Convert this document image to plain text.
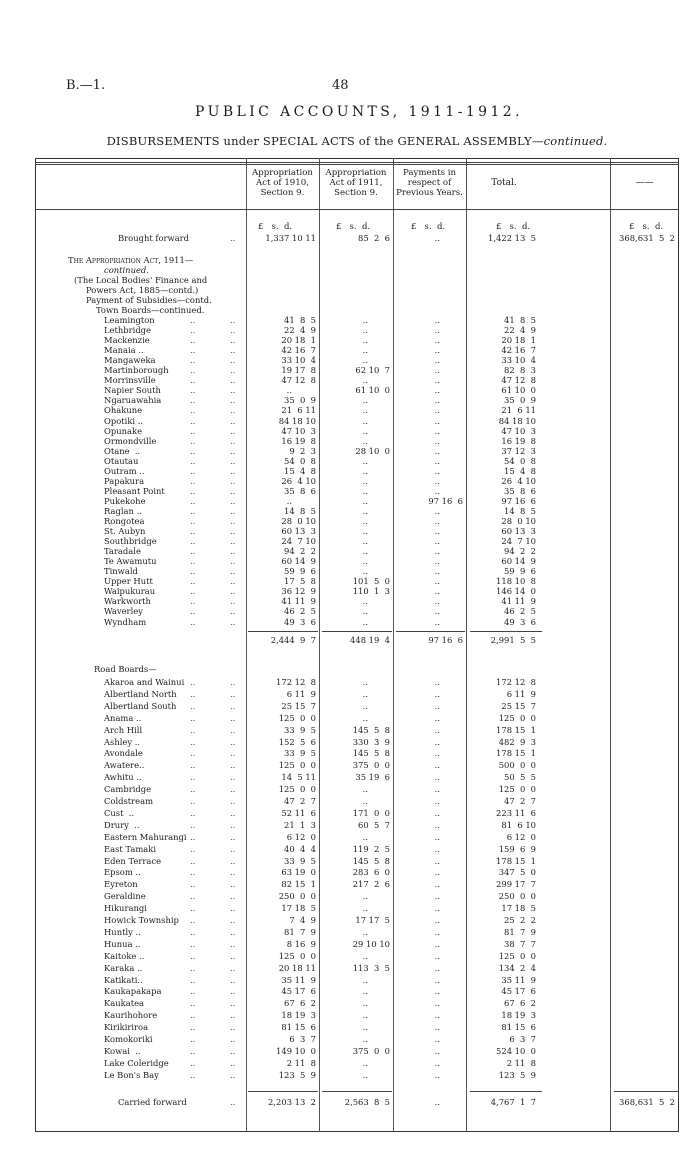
B.—1.	48
PUBLIC ACCOUNTS, 1911-1912.
DISBURSEMENTS under SPECIAL ACTS of the GENERAL ASSEMBLY—continued.
Appropriation
Act of 1910,
Section 9.
Appropriation
Act of 1911,
Section 9.
Payments in
respect of
Previous Years.
Total.	——
£   s.  d.	£   s.  d.	£   s.  d.	£   s.  d.	£   s.  d.
Brought forward	..	1,337 10 11	85  2  6	..	1,422 13  5	368,631  5  2
The Appropriation Act, 1911—
continued.
(The Local Bodies' Finance and
Powers Act, 1885—contd.)
Payment of Subsidies—contd.
Town Boards—continued.
Leamington	..	..	41  8  5	..	..	41  8  5
Lethbridge	..	..	22  4  9	..	..	22  4  9
Mackenzie	..	..	20 18  1	..	..	20 18  1
Manaia ..	..	..	42 16  7	..	..	42 16  7
Mangaweka	..	..	33 10  4	..	..	33 10  4
Martinborough	..	..	19 17  8	62 10  7	..	82  8  3
Morrinsville	..	..	47 12  8	..	..	47 12  8
Napier South	..	..	..	61 10  0	..	61 10  0
Ngaruawahia	..	..	35  0  9	..	..	35  0  9
Ohakune	..	..	21  6 11	..	..	21  6 11
Opotiki ..	..	..	84 18 10	..	..	84 18 10
Opunake	..	..	47 10  3	..	..	47 10  3
Ormondville	..	..	16 19  8	..	..	16 19  8
Otane  ..	..	..	9  2  3	28 10  0	..	37 12  3
Otautau	..	..	54  0  8	..	..	54  0  8
Outram ..	..	..	15  4  8	..	..	15  4  8
Papakura	..	..	26  4 10	..	..	26  4 10
Pleasant Point	..	..	35  8  6	..	..	35  8  6
Pukekohe	..	..	..	..	97 16  6	97 16  6
Raglan ..	..	..	14  8  5	..	..	14  8  5
Rongotea	..	..	28  0 10	..	..	28  0 10
St. Aubyn	..	..	60 13  3	..	..	60 13  3
Southbridge	..	..	24  7 10	..	..	24  7 10
Taradale	..	..	94  2  2	..	..	94  2  2
Te Awamutu	..	..	60 14  9	..	..	60 14  9
Tinwald	..	..	59  9  6	..	..	59  9  6
Upper Hutt	..	..	17  5  8	101  5  0	..	118 10  8
Waipukurau	..	..	36 12  9	110  1  3	..	146 14  0
Warkworth	..	..	41 11  9	..	..	41 11  9
Waverley	..	..	46  2  5	..	..	46  2  5
Wyndham	..	..	49  3  6	..	..	49  3  6
2,444  9  7	448 19  4	97 16  6	2,991  5  5
Road Boards—
Akaroa and Wainui ..	..	172 12  8	..	..	172 12  8
Albertland North ..	..	6 11  9	..	..	6 11  9
Albertland South ..	..	25 15  7	..	..	25 15  7
Anama ..	..	..	125  0  0	..	..	125  0  0
Arch Hill	..	..	33  9  5	145  5  8	..	178 15  1
Ashley ..	..	..	152  5  6	330  3  9	..	482  9  3
Avondale	..	..	33  9  5	145  5  8	..	178 15  1
Awatere..	..	..	125  0  0	375  0  0	..	500  0  0
Awhitu ..	..	..	14  5 11	35 19  6	..	50  5  5
Cambridge	..	..	125  0  0	..	..	125  0  0
Coldstream	..	..	47  2  7	..	..	47  2  7
Cust  ..	..	..	52 11  6	171  0  0	..	223 11  6
Drury  ..	..	..	21  1  3	60  5  7	..	81  6 10
Eastern Mahurangi ..	..	6 12  0	..	..	6 12  0
East Tamaki	..	..	40  4  4	119  2  5	..	159  6  9
Eden Terrace	..	..	33  9  5	145  5  8	..	178 15  1
Epsom ..	..	..	63 19  0	283  6  0	..	347  5  0
Eyreton	..	..	82 15  1	217  2  6	..	299 17  7
Geraldine	..	..	250  0  0	..	..	250  0  0
Hikurangi	..	..	17 18  5	..	..	17 18  5
Howick Township ..	..	7  4  9	17 17  5	..	25  2  2
Huntly ..	..	..	81  7  9	..	..	81  7  9
Hunua ..	..	..	8 16  9	29 10 10	..	38  7  7
Kaitoke ..	..	..	125  0  0	..	..	125  0  0
Karaka ..	..	..	20 18 11	113  3  5	..	134  2  4
Katikati..	..	..	35 11  9	..	..	35 11  9
Kaukapakapa	..	..	45 17  6	..	..	45 17  6
Kaukatea	..	..	67  6  2	..	..	67  6  2
Kaurihohore	..	..	18 19  3	..	..	18 19  3
Kirikiriroa	..	..	81 15  6	..	..	81 15  6
Komokoriki	..	..	6  3  7	..	..	6  3  7
Kowai  ..	..	..	149 10  0	375  0  0	..	524 10  0
Lake Coleridge	..	..	2 11  8	..	..	2 11  8
Le Bon's Bay	..	..	123  5  9	..	..	123  5  9
Carried forward	..	2,203 13  2	2,563  8  5	..	4,767  1  7	368,631  5  2
